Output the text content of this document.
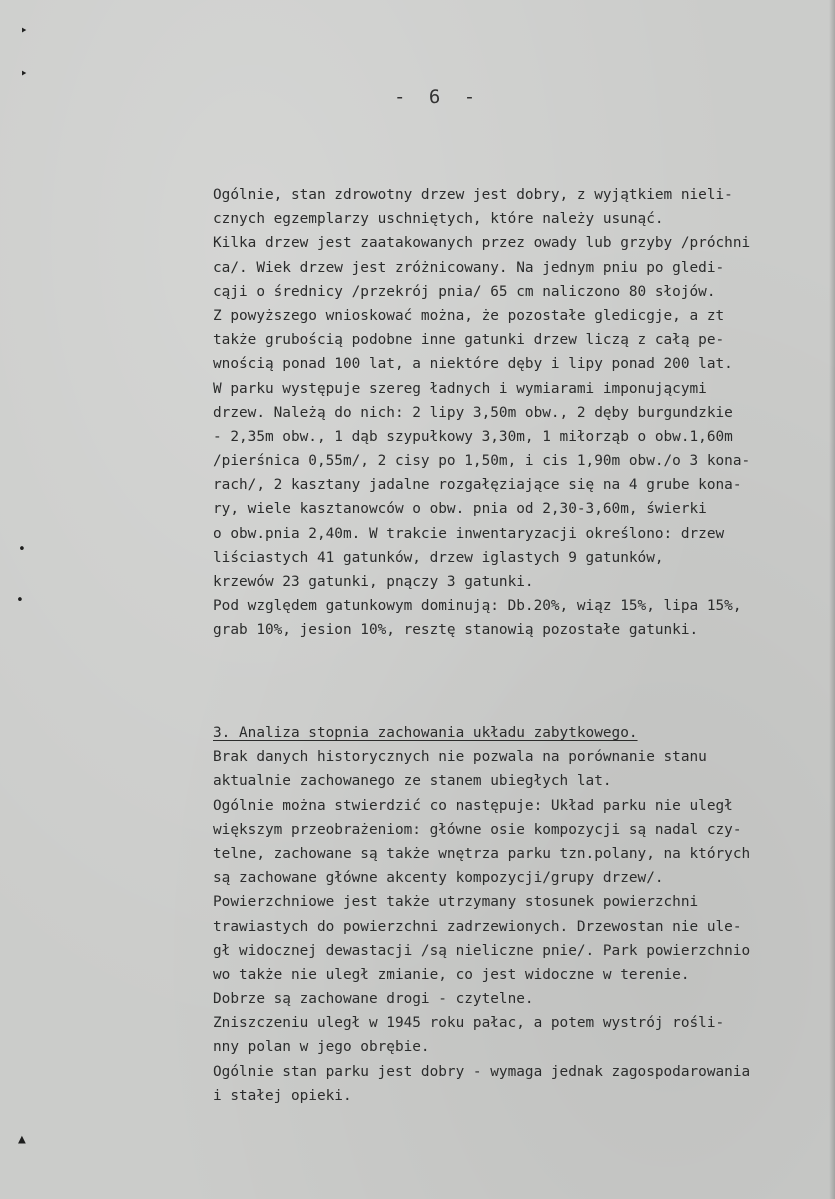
‣
‣
•
•
▲
- 6 -
Ogólnie, stan zdrowotny drzew jest dobry, z wyjątkiem nieli-
cznych egzemplarzy uschniętych, które należy usunąć.
Kilka drzew jest zaatakowanych przez owady lub grzyby /próchni
ca/. Wiek drzew jest zróżnicowany. Na jednym pniu po gledi-
cąji o średnicy /przekrój pnia/ 65 cm naliczono 80 słojów.
Z powyższego wnioskować można, że pozostałe gledicgje, a zt
także grubością podobne inne gatunki drzew liczą z całą pe-
wnością ponad 100 lat, a niektóre dęby i lipy ponad 200 lat.
W parku występuje szereg ładnych i wymiarami imponującymi
drzew. Należą do nich: 2 lipy 3,50m obw., 2 dęby burgundzkie
- 2,35m obw., 1 dąb szypułkowy 3,30m, 1 miłorząb o obw.1,60m
/pierśnica 0,55m/, 2 cisy po 1,50m, i cis 1,90m obw./o 3 kona-
rach/, 2 kasztany jadalne rozgałęziające się na 4 grube kona-
ry, wiele kasztanowców o obw. pnia od 2,30-3,60m, świerki
o obw.pnia 2,40m. W trakcie inwentaryzacji określono: drzew
liściastych 41 gatunków, drzew iglastych 9 gatunków,
krzewów 23 gatunki, pnączy 3 gatunki.
Pod względem gatunkowym dominują: Db.20%, wiąz 15%, lipa 15%,
grab 10%, jesion 10%, resztę stanowią pozostałe gatunki.
3. Analiza stopnia zachowania układu zabytkowego.
Brak danych historycznych nie pozwala na porównanie stanu
aktualnie zachowanego ze stanem ubiegłych lat.
Ogólnie można stwierdzić co następuje: Układ parku nie uległ
większym przeobrażeniom: główne osie kompozycji są nadal czy-
telne, zachowane są także wnętrza parku tzn.polany, na których
są zachowane główne akcenty kompozycji/grupy drzew/.
Powierzchniowe jest także utrzymany stosunek powierzchni
trawiastych do powierzchni zadrzewionych. Drzewostan nie ule-
gł widocznej dewastacji /są nieliczne pnie/. Park powierzchnio
wo także nie uległ zmianie, co jest widoczne w terenie.
Dobrze są zachowane drogi - czytelne.
Zniszczeniu uległ w 1945 roku pałac, a potem wystrój rośli-
nny polan w jego obrębie.
Ogólnie stan parku jest dobry - wymaga jednak zagospodarowania
i stałej opieki.
